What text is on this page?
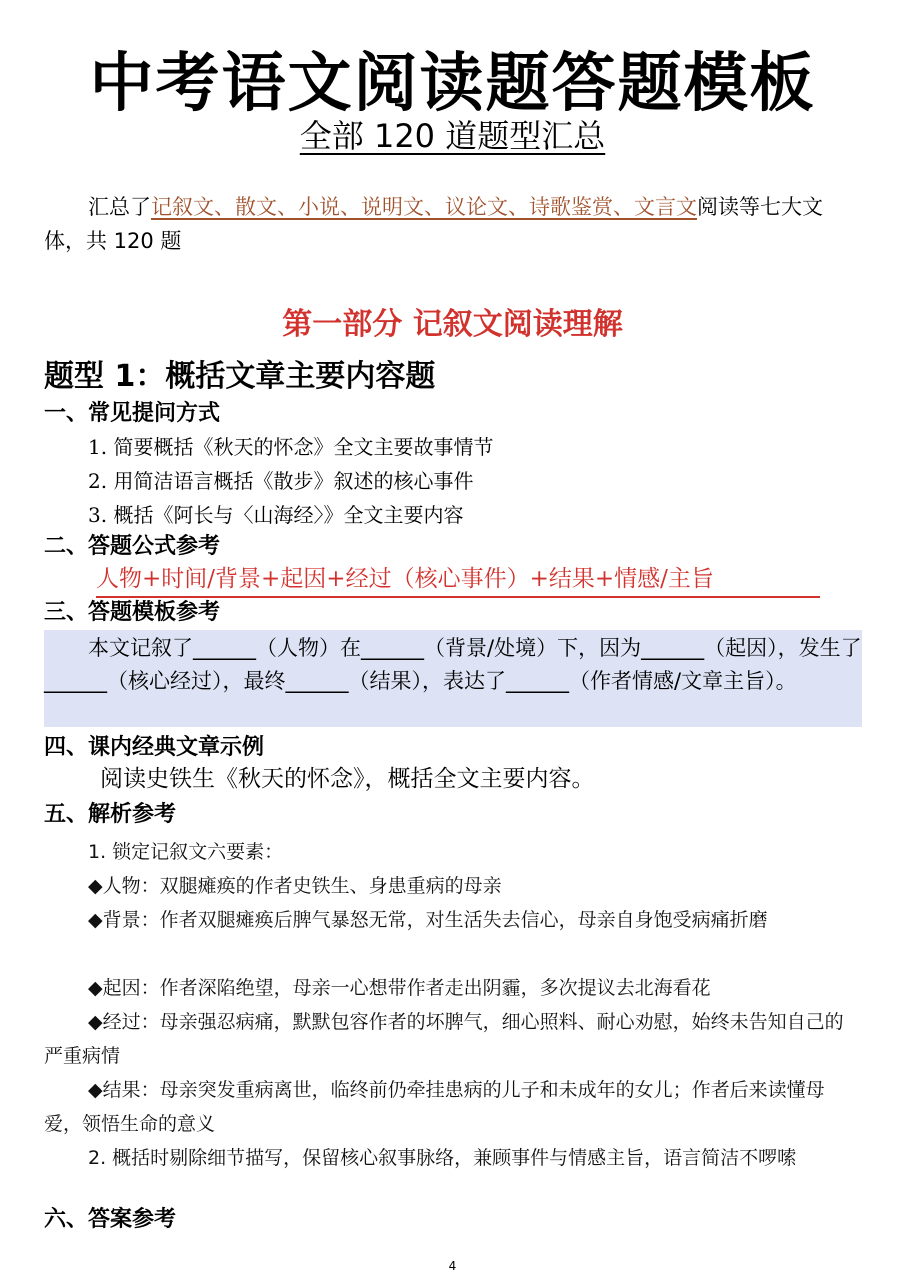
中考语文阅读题答题模板
全部 120 道题型汇总
汇总了记叙文、散文、小说、说明文、议论文、诗歌鉴赏、文言文阅读等七大文体，共 120 题
第一部分 记叙文阅读理解
题型 1：概括文章主要内容题
一、常见提问方式
1. 简要概括《秋天的怀念》全文主要故事情节
2. 用简洁语言概括《散步》叙述的核心事件
3. 概括《阿长与〈山海经〉》全文主要内容
二、答题公式参考
人物+时间/背景+起因+经过（核心事件）+结果+情感/主旨
三、答题模板参考
本文记叙了______（人物）在______（背景/处境）下，因为______（起因），发生了______（核心经过），最终______（结果），表达了______（作者情感/文章主旨）。
四、课内经典文章示例
阅读史铁生《秋天的怀念》，概括全文主要内容。
五、解析参考
1. 锁定记叙文六要素：
◆人物：双腿瘫痪的作者史铁生、身患重病的母亲
◆背景：作者双腿瘫痪后脾气暴怒无常，对生活失去信心，母亲自身饱受病痛折磨
◆起因：作者深陷绝望，母亲一心想带作者走出阴霾，多次提议去北海看花
◆经过：母亲强忍病痛，默默包容作者的坏脾气，细心照料、耐心劝慰，始终未告知自己的严重病情
◆结果：母亲突发重病离世，临终前仍牵挂患病的儿子和未成年的女儿；作者后来读懂母爱，领悟生命的意义
2. 概括时剔除细节描写，保留核心叙事脉络，兼顾事件与情感主旨，语言简洁不啰嗦
六、答案参考
4
